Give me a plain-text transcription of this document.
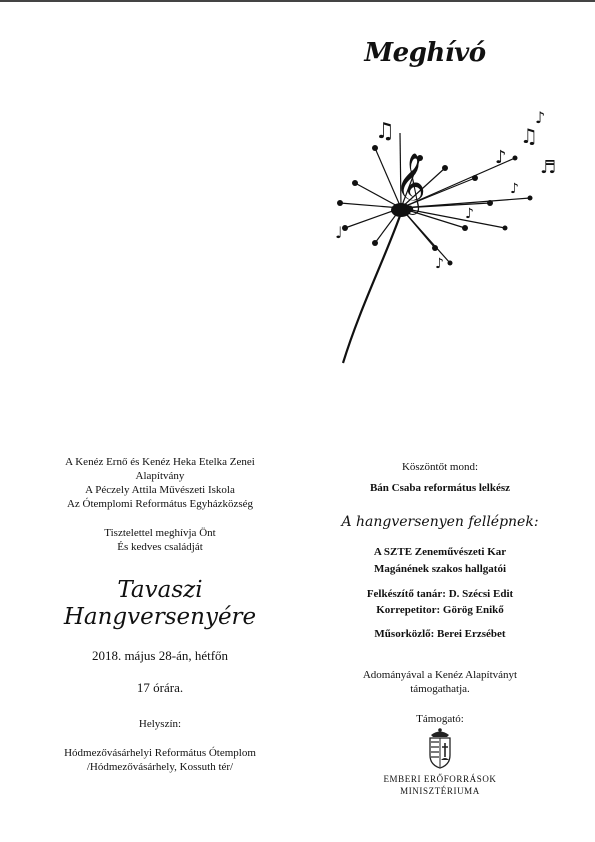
Meghívó
𝄞
♫
♪
♫
♪
♬
♪
♩
♪
♪
A Kenéz Ernő és Kenéz Heka Etelka Zenei
Alapítvány
A Péczely Attila Művészeti Iskola
Az Ótemplomi Református Egyházközség
Tisztelettel meghívja Önt
És kedves családját
Tavaszi
Hangversenyére
2018. május 28-án, hétfőn
17 órára.
Helyszín:
Hódmezővásárhelyi Református Ótemplom
/Hódmezővásárhely, Kossuth tér/
Köszöntőt mond:
Bán Csaba református lelkész
A hangversenyen fellépnek:
A SZTE Zeneművészeti Kar
Magánének szakos hallgatói
Felkészítő tanár: D. Szécsi Edit
Korrepetitor: Görög Enikő
Műsorközlő: Berei Erzsébet
Adományával a Kenéz Alapítványt
támogathatja.
Támogató:
EMBERI ERŐFORRÁSOK
MINISZTÉRIUMA
